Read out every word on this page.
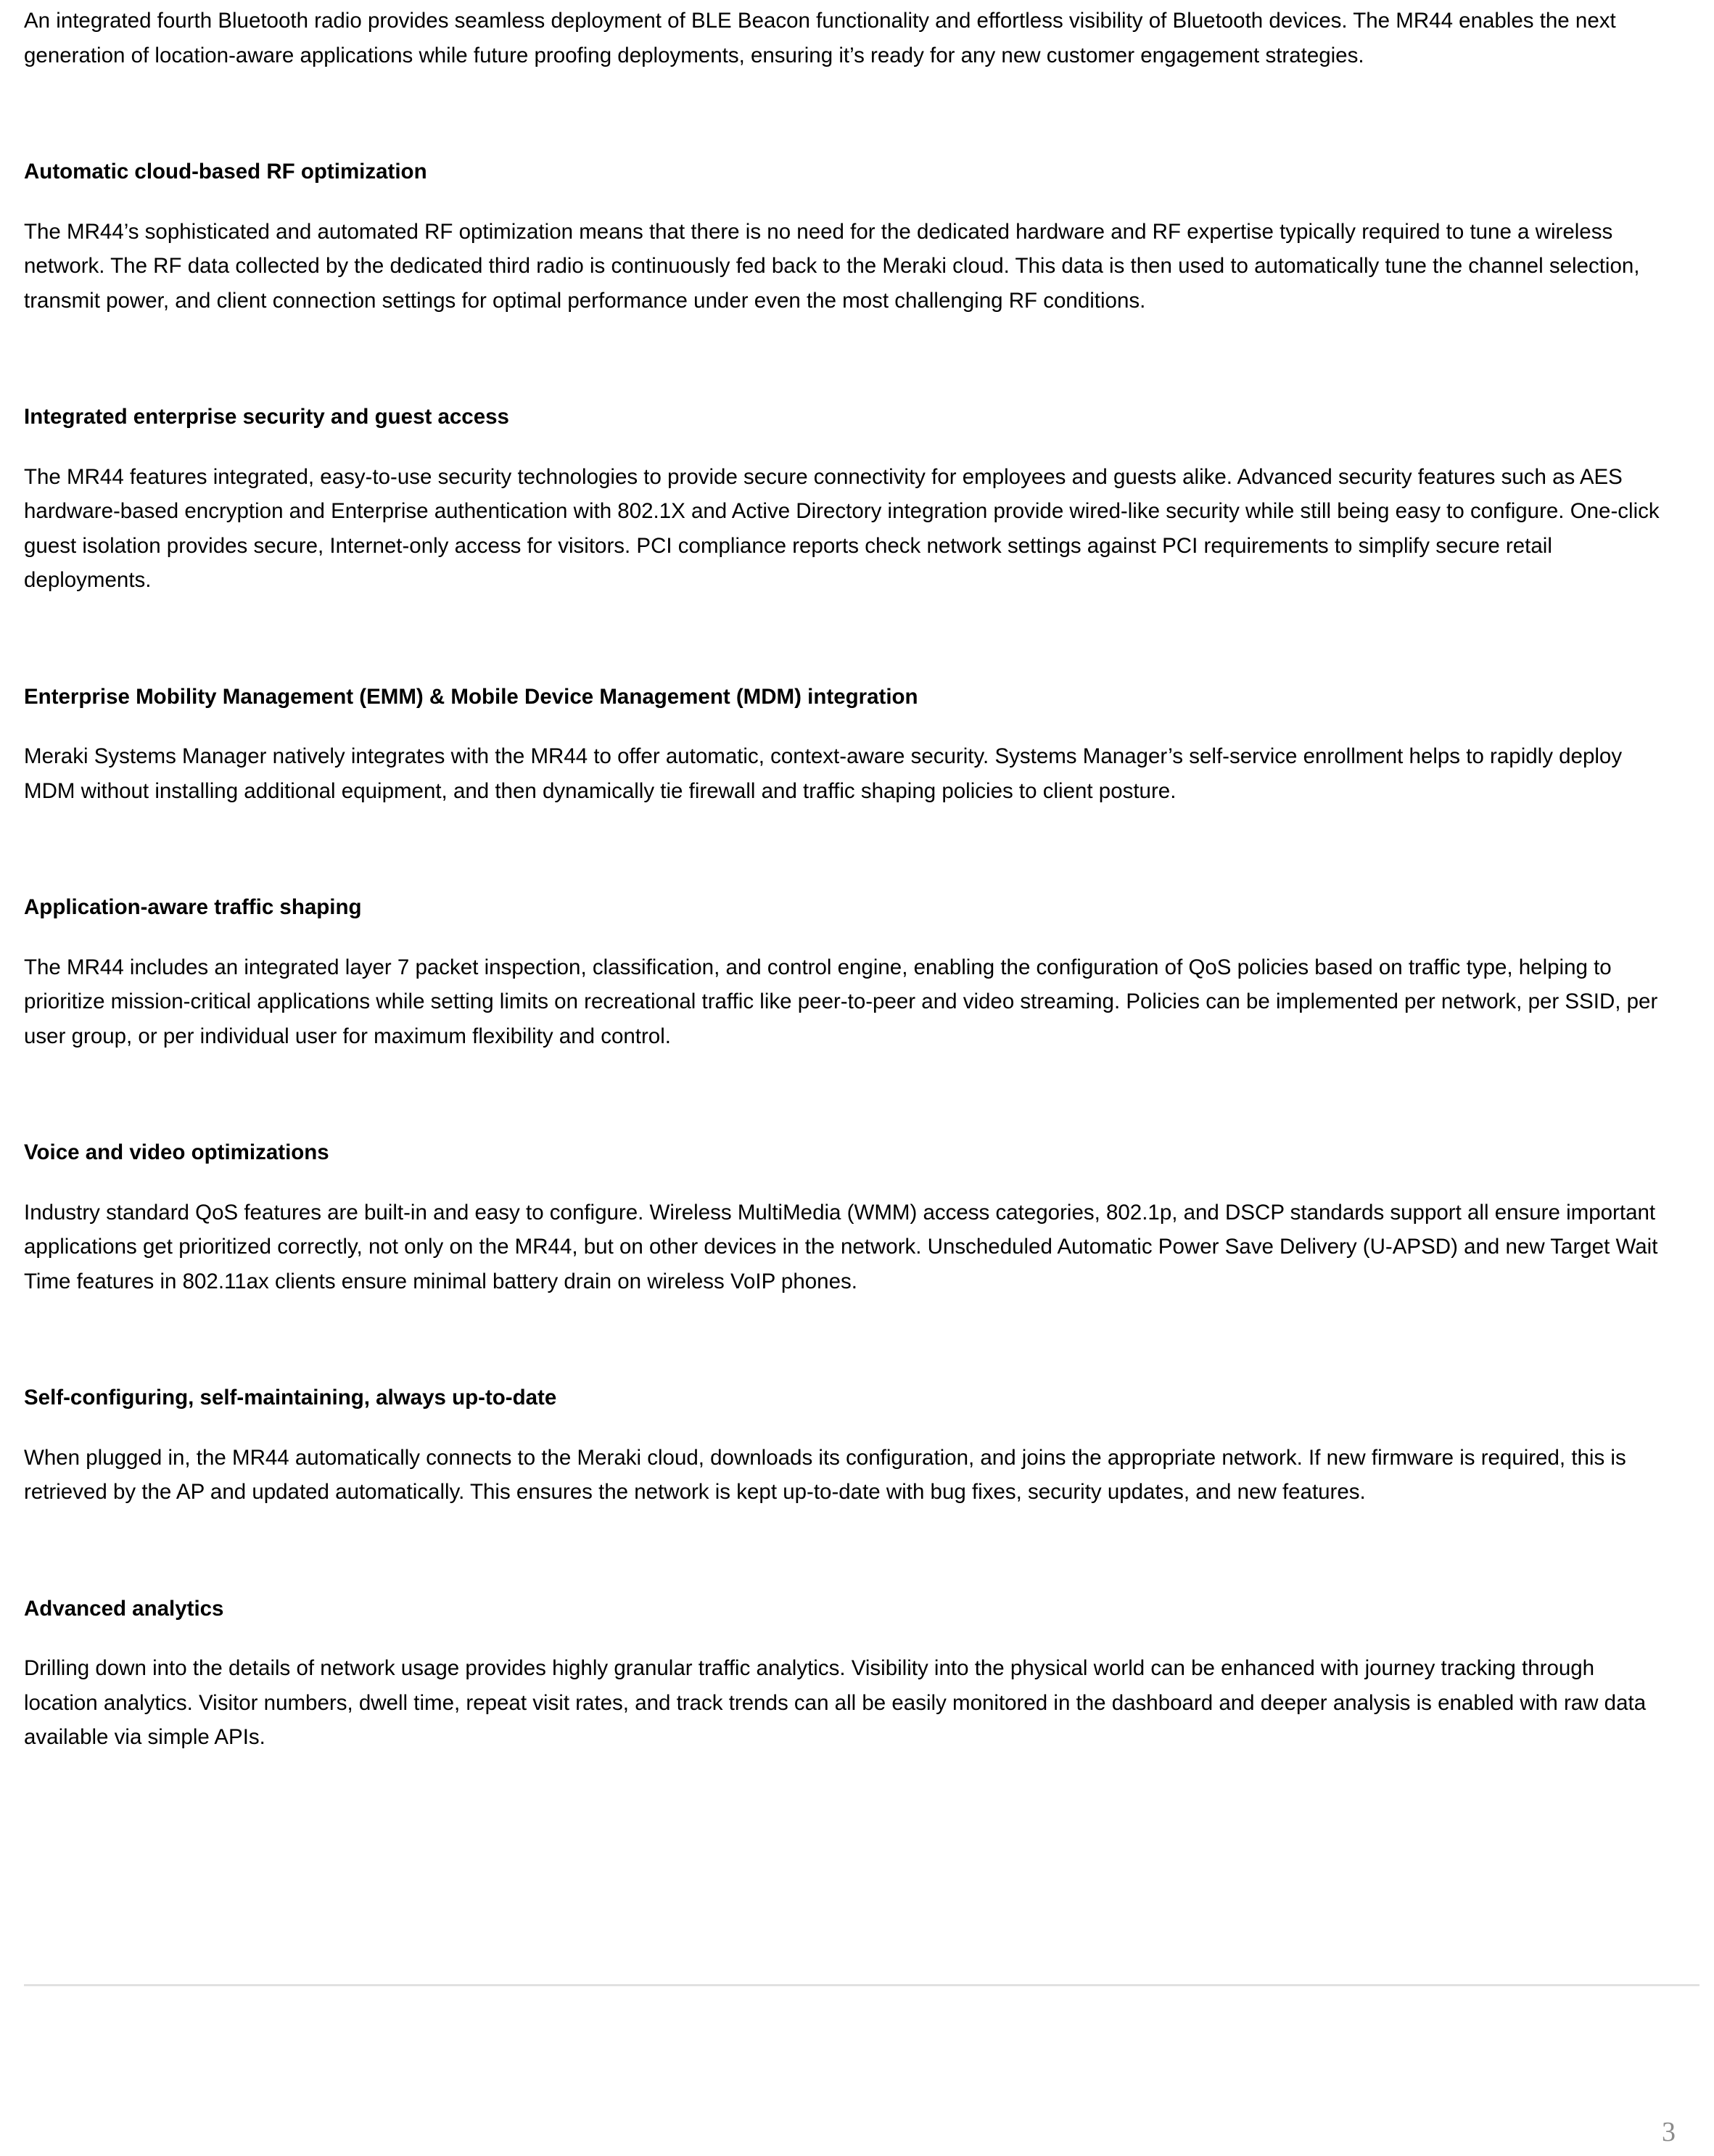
An integrated fourth Bluetooth radio provides seamless deployment of BLE Beacon functionality and effortless visibility of Bluetooth devices. The MR44 enables the next generation of location-aware applications while future proofing deployments, ensuring it’s ready for any new customer engagement strategies.

Automatic cloud-based RF optimization

The MR44’s sophisticated and automated RF optimization means that there is no need for the dedicated hardware and RF expertise typically required to tune a wireless network. The RF data collected by the dedicated third radio is continuously fed back to the Meraki cloud. This data is then used to automatically tune the channel selection, transmit power, and client connection settings for optimal performance under even the most challenging RF conditions.

Integrated enterprise security and guest access

The MR44 features integrated, easy-to-use security technologies to provide secure connectivity for employees and guests alike. Advanced security features such as AES hardware-based encryption and Enterprise authentication with 802.1X and Active Directory integration provide wired-like security while still being easy to configure. One-click guest isolation provides secure, Internet-only access for visitors. PCI compliance reports check network settings against PCI requirements to simplify secure retail deployments.

Enterprise Mobility Management (EMM) & Mobile Device Management (MDM) integration

Meraki Systems Manager natively integrates with the MR44 to offer automatic, context-aware security. Systems Manager’s self-service enrollment helps to rapidly deploy MDM without installing additional equipment, and then dynamically tie firewall and traffic shaping policies to client posture.

Application-aware traffic shaping

The MR44 includes an integrated layer 7 packet inspection, classification, and control engine, enabling the configuration of QoS policies based on traffic type, helping to prioritize mission-critical applications while setting limits on recreational traffic like peer-to-peer and video streaming. Policies can be implemented per network, per SSID, per user group, or per individual user for maximum flexibility and control.

Voice and video optimizations

Industry standard QoS features are built-in and easy to configure. Wireless MultiMedia (WMM) access categories, 802.1p, and DSCP standards support all ensure important applications get prioritized correctly, not only on the MR44, but on other devices in the network. Unscheduled Automatic Power Save Delivery (U-APSD) and new Target Wait Time features in 802.11ax clients ensure minimal battery drain on wireless VoIP phones.

Self-configuring, self-maintaining, always up-to-date

When plugged in, the MR44 automatically connects to the Meraki cloud, downloads its configuration, and joins the appropriate network. If new firmware is required, this is retrieved by the AP and updated automatically. This ensures the network is kept up-to-date with bug fixes, security updates, and new features.

Advanced analytics

Drilling down into the details of network usage provides highly granular traffic analytics. Visibility into the physical world can be enhanced with journey tracking through location analytics. Visitor numbers, dwell time, repeat visit rates, and track trends can all be easily monitored in the dashboard and deeper analysis is enabled with raw data available via simple APIs.

3
